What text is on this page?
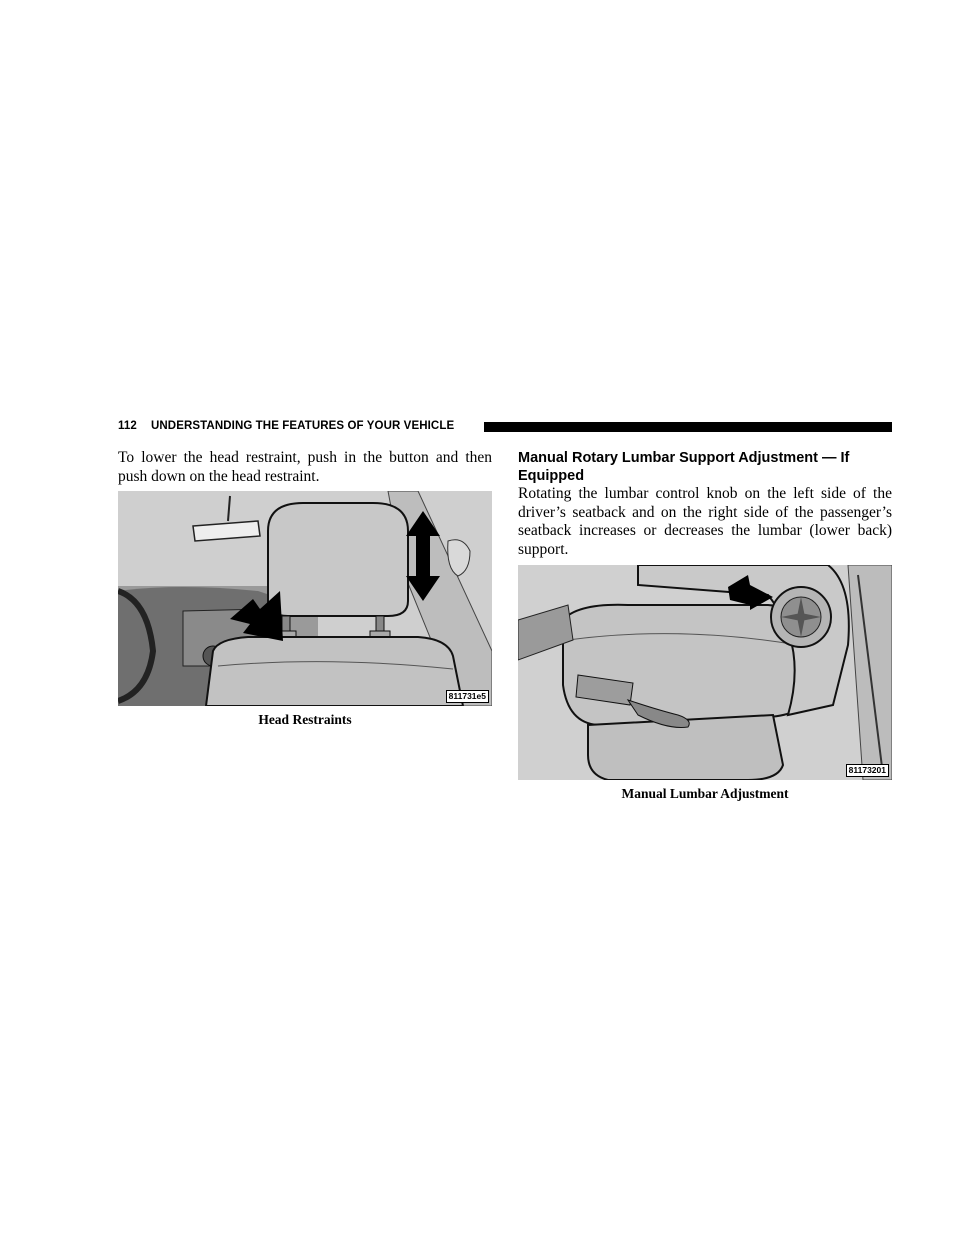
112 UNDERSTANDING THE FEATURES OF YOUR VEHICLE

To lower the head restraint, push in the button and then push down on the head restraint.

811731e5
Head Restraints

Manual Rotary Lumbar Support Adjustment — If Equipped

Rotating the lumbar control knob on the left side of the driver’s seatback and on the right side of the passenger’s seatback increases or decreases the lumbar (lower back) support.

81173201
Manual Lumbar Adjustment
